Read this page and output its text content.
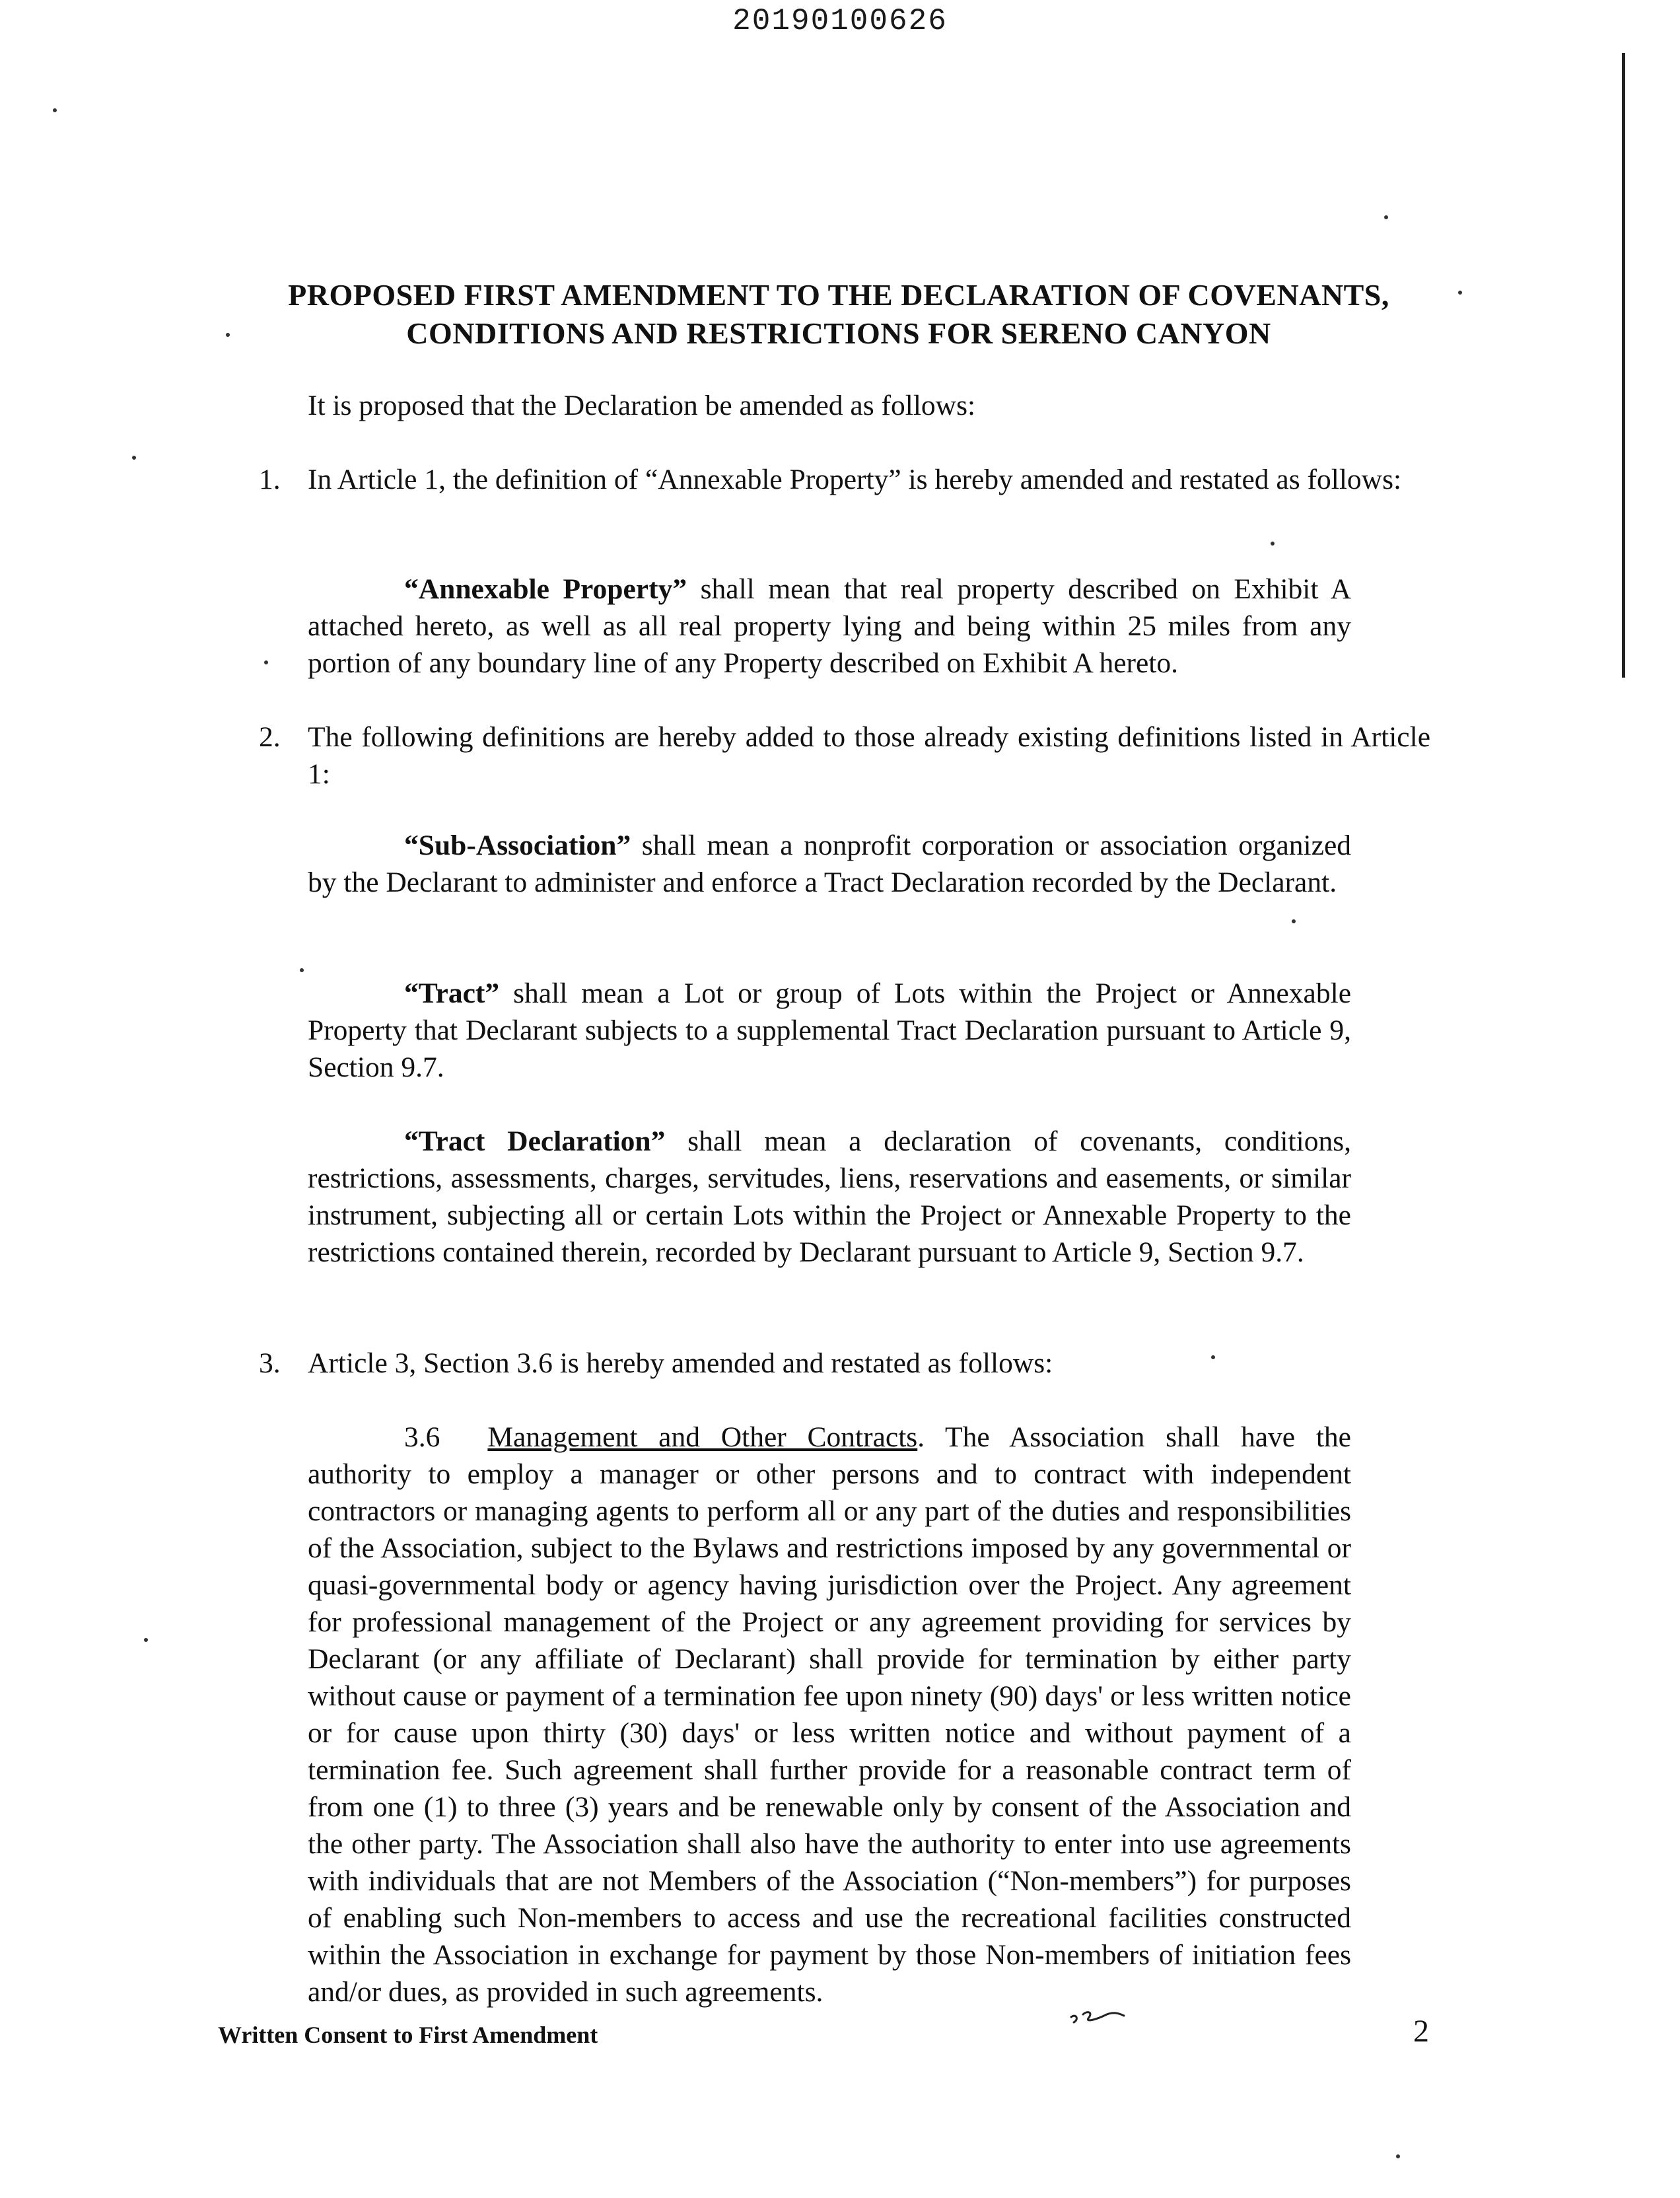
20190100626
PROPOSED FIRST AMENDMENT TO THE DECLARATION OF COVENANTS,
CONDITIONS AND RESTRICTIONS FOR SERENO CANYON
It is proposed that the Declaration be amended as follows:
1. In Article 1, the definition of “Annexable Property” is hereby amended and restated as follows:
“Annexable Property” shall mean that real property described on Exhibit A attached hereto, as well as all real property lying and being within 25 miles from any portion of any boundary line of any Property described on Exhibit A hereto.
2. The following definitions are hereby added to those already existing definitions listed in Article 1:
“Sub-Association” shall mean a nonprofit corporation or association organized by the Declarant to administer and enforce a Tract Declaration recorded by the Declarant.
“Tract” shall mean a Lot or group of Lots within the Project or Annexable Property that Declarant subjects to a supplemental Tract Declaration pursuant to Article 9, Section 9.7.
“Tract Declaration” shall mean a declaration of covenants, conditions, restrictions, assessments, charges, servitudes, liens, reservations and easements, or similar instrument, subjecting all or certain Lots within the Project or Annexable Property to the restrictions contained therein, recorded by Declarant pursuant to Article 9, Section 9.7.
3. Article 3, Section 3.6 is hereby amended and restated as follows:
3.6 Management and Other Contracts. The Association shall have the authority to employ a manager or other persons and to contract with independent contractors or managing agents to perform all or any part of the duties and responsibilities of the Association, subject to the Bylaws and restrictions imposed by any governmental or quasi-governmental body or agency having jurisdiction over the Project. Any agreement for professional management of the Project or any agreement providing for services by Declarant (or any affiliate of Declarant) shall provide for termination by either party without cause or payment of a termination fee upon ninety (90) days' or less written notice or for cause upon thirty (30) days' or less written notice and without payment of a termination fee. Such agreement shall further provide for a reasonable contract term of from one (1) to three (3) years and be renewable only by consent of the Association and the other party. The Association shall also have the authority to enter into use agreements with individuals that are not Members of the Association (“Non-members”) for purposes of enabling such Non-members to access and use the recreational facilities constructed within the Association in exchange for payment by those Non-members of initiation fees and/or dues, as provided in such agreements.
Written Consent to First Amendment	2
